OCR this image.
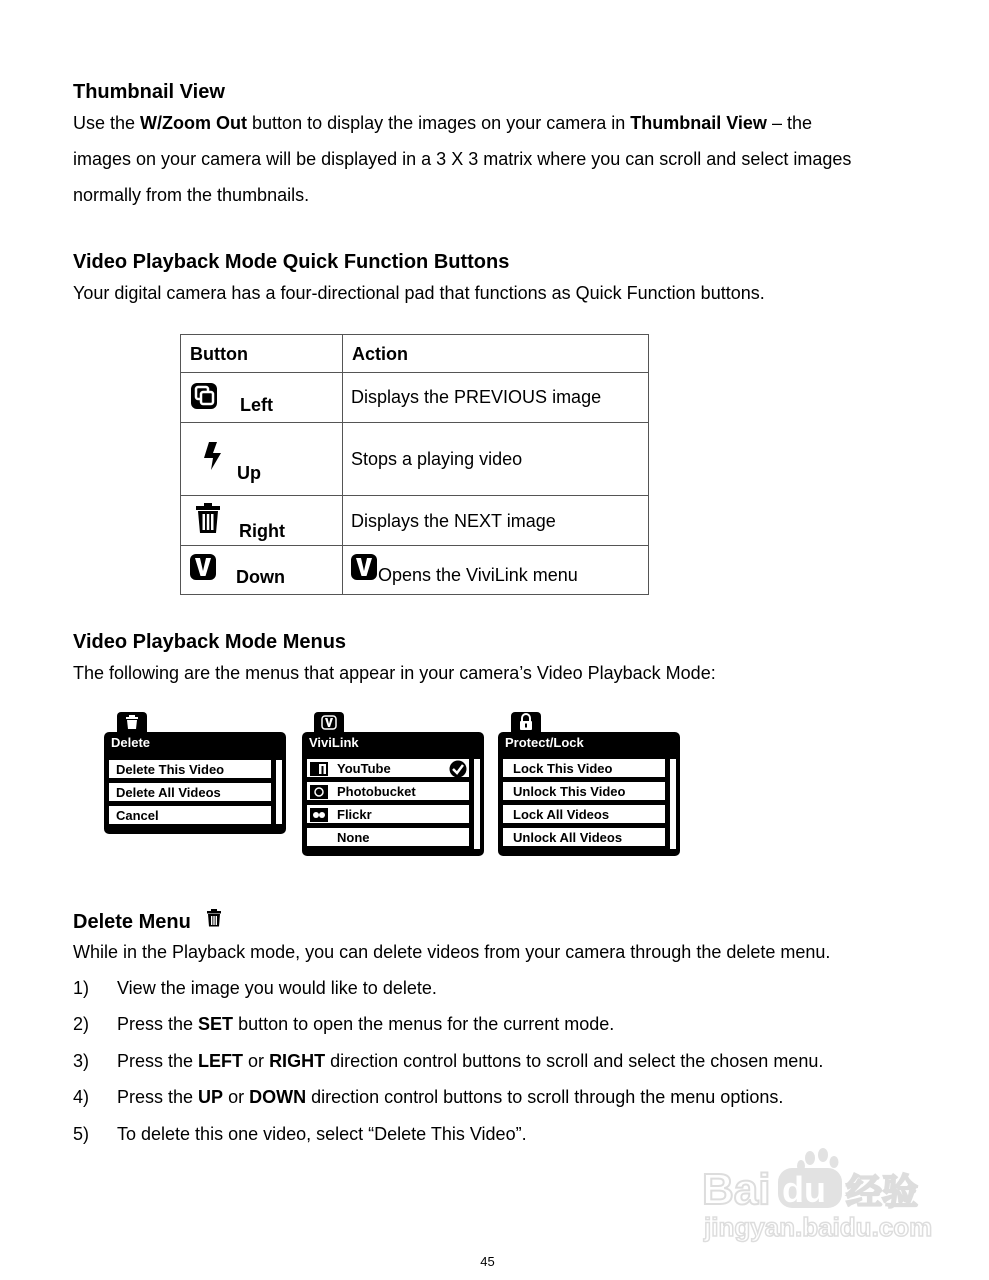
Thumbnail View

Use the W/Zoom Out button to display the images on your camera in Thumbnail View – the

images on your camera will be displayed in a 3 X 3 matrix where you can scroll and select images

normally from the thumbnails.

Video Playback Mode Quick Function Buttons

Your digital camera has a four-directional pad that functions as Quick Function buttons.

Button	Action

Left	Displays the PREVIOUS image

Up	Stops a playing video

Right	Displays the NEXT image

Down	Opens the ViviLink menu
Video Playback Mode Menus

The following are the menus that appear in your camera’s Video Playback Mode:

Delete
Delete This Video
Delete All Videos
Cancel
ViviLink
YouTube
Photobucket
Flickr
None
Protect/Lock
Lock This Video
Unlock This Video
Lock All Videos
Unlock All Videos
Delete Menu

While in the Playback mode, you can delete videos from your camera through the delete menu.

1) View the image you would like to delete.
2) Press the SET button to open the menus for the current mode.
3) Press the LEFT or RIGHT direction control buttons to scroll and select the chosen menu.
4) Press the UP or DOWN direction control buttons to scroll through the menu options.
5) To delete this one video, select “Delete This Video”.
Bai du 经验
jingyan.baidu.com
45
